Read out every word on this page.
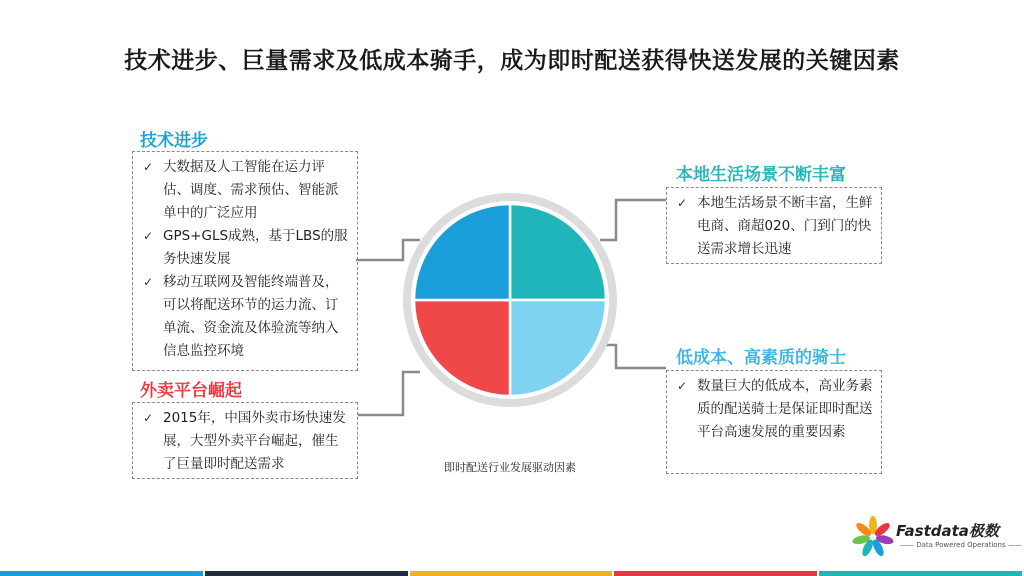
技术进步、巨量需求及低成本骑手，成为即时配送获得快送发展的关键因素
技术进步
✓ 大数据及人工智能在运力评估、调度、需求预估、智能派单中的广泛应用
✓ GPS+GLS成熟，基于LBS的服务快速发展
✓ 移动互联网及智能终端普及，可以将配送环节的运力流、订单流、资金流及体验流等纳入信息监控环境
外卖平台崛起
✓ 2015年，中国外卖市场快速发展，大型外卖平台崛起，催生了巨量即时配送需求
本地生活场景不断丰富
✓ 本地生活场景不断丰富，生鲜电商、商超020、门到门的快送需求增长迅速
低成本、高素质的骑士
✓ 数量巨大的低成本，高业务素质的配送骑士是保证即时配送平台高速发展的重要因素
即时配送行业发展驱动因素
Fastdata极数
—— Data Powered Operations ——
